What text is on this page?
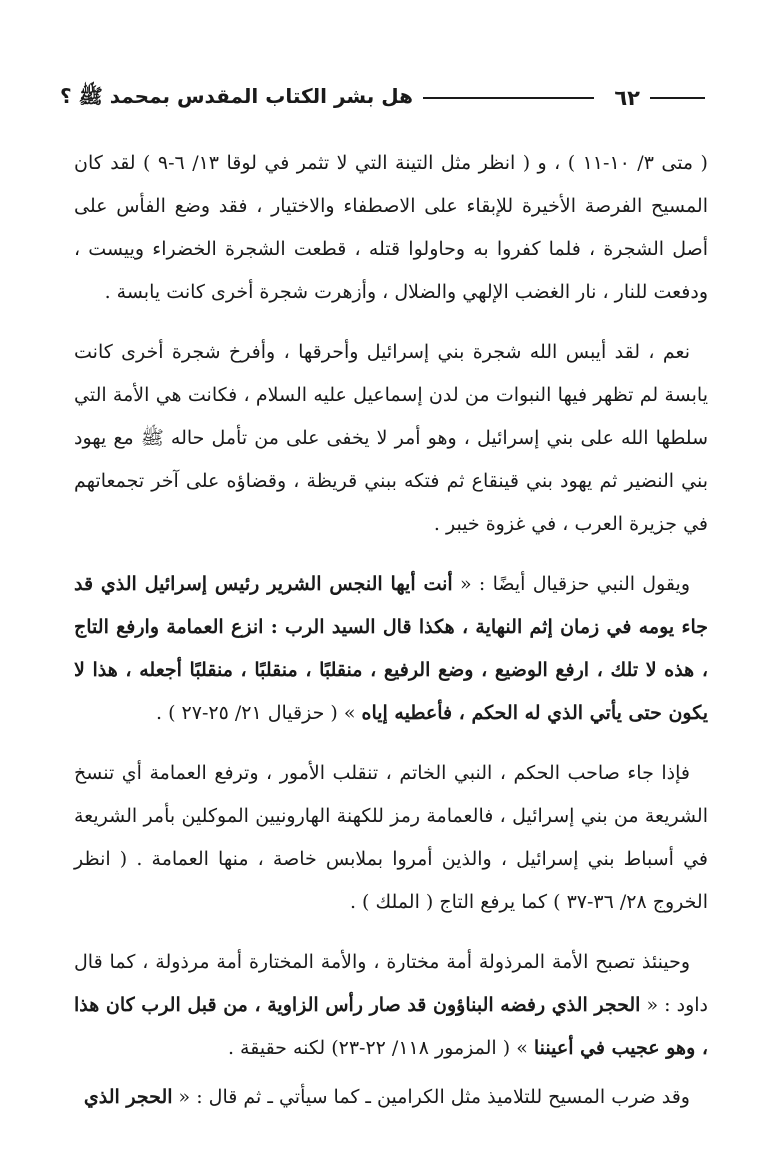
٦٢
هل بشر الكتاب المقدس بمحمد ﷺ ؟

( متى ٣/ ١٠-١١ ) ، و ( انظر مثل التينة التي لا تثمر في لوقا ١٣/ ٦-٩ ) لقد كان المسيح الفرصة الأخيرة للإبقاء على الاصطفاء والاختيار ، فقد وضع الفأس على أصل الشجرة ، فلما كفروا به وحاولوا قتله ، قطعت الشجرة الخضراء وييست ، ودفعت للنار ، نار الغضب الإلهي والضلال ، وأزهرت شجرة أخرى كانت يابسة .

نعم ، لقد أيبس الله شجرة بني إسرائيل وأحرقها ، وأفرخ شجرة أخرى كانت يابسة لم تظهر فيها النبوات من لدن إسماعيل عليه السلام ، فكانت هي الأمة التي سلطها الله على بني إسرائيل ، وهو أمر لا يخفى على من تأمل حاله ﷺ مع يهود بني النضير ثم يهود بني قينقاع ثم فتكه ببني قريظة ، وقضاؤه على آخر تجمعاتهم في جزيرة العرب ، في غزوة خيبر .

ويقول النبي حزقيال أيضًا : « أنت أيها النجس الشرير رئيس إسرائيل الذي قد جاء يومه في زمان إثم النهاية ، هكذا قال السيد الرب : انزع العمامة وارفع التاج ، هذه لا تلك ، ارفع الوضيع ، وضع الرفيع ، منقلبًا ، منقلبًا ، منقلبًا أجعله ، هذا لا يكون حتى يأتي الذي له الحكم ، فأعطيه إياه » ( حزقيال ٢١/ ٢٥-٢٧ ) .

فإذا جاء صاحب الحكم ، النبي الخاتم ، تنقلب الأمور ، وترفع العمامة أي تنسخ الشريعة من بني إسرائيل ، فالعمامة رمز للكهنة الهارونيين الموكلين بأمر الشريعة في أسباط بني إسرائيل ، والذين أمروا بملابس خاصة ، منها العمامة . ( انظر الخروج ٢٨/ ٣٦-٣٧ ) كما يرفع التاج ( الملك ) .

وحينئذ تصبح الأمة المرذولة أمة مختارة ، والأمة المختارة أمة مرذولة ، كما قال داود : « الحجر الذي رفضه البناؤون قد صار رأس الزاوية ، من قبل الرب كان هذا ، وهو عجيب في أعيننا » ( المزمور ١١٨/ ٢٢-٢٣) لكنه حقيقة .

وقد ضرب المسيح للتلاميذ مثل الكرامين ـ كما سيأتي ـ ثم قال : « الحجر الذي
